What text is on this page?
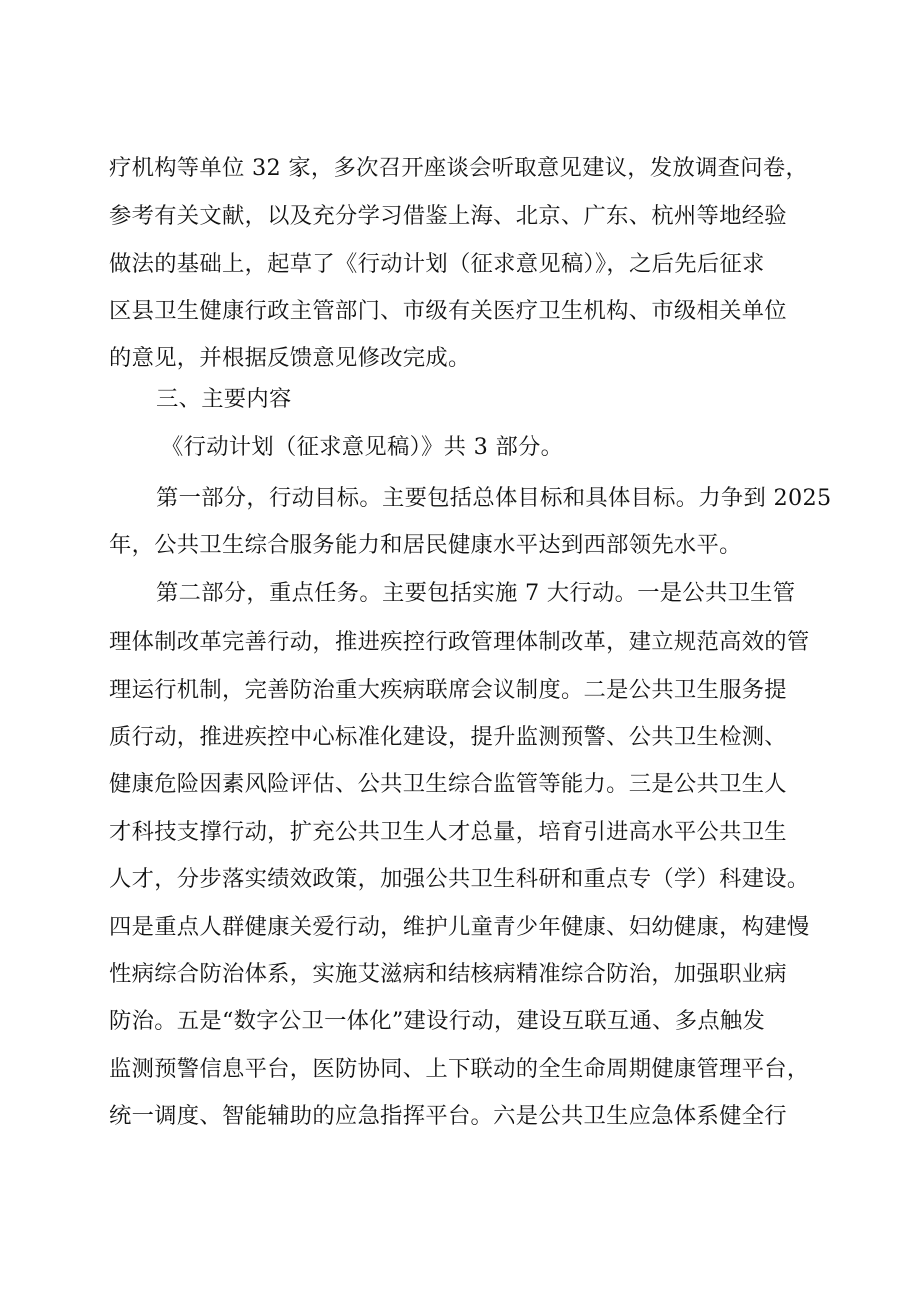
疗机构等单位 32 家，多次召开座谈会听取意见建议，发放调查问卷，
参考有关文献，以及充分学习借鉴上海、北京、广东、杭州等地经验
做法的基础上，起草了《行动计划（征求意见稿）》，之后先后征求
区县卫生健康行政主管部门、市级有关医疗卫生机构、市级相关单位
的意见，并根据反馈意见修改完成。
三、主要内容
《行动计划（征求意见稿）》共 3 部分。
第一部分，行动目标。主要包括总体目标和具体目标。力争到 2025
年，公共卫生综合服务能力和居民健康水平达到西部领先水平。
第二部分，重点任务。主要包括实施 7 大行动。一是公共卫生管
理体制改革完善行动，推进疾控行政管理体制改革，建立规范高效的管
理运行机制，完善防治重大疾病联席会议制度。二是公共卫生服务提
质行动，推进疾控中心标准化建设，提升监测预警、公共卫生检测、
健康危险因素风险评估、公共卫生综合监管等能力。三是公共卫生人
才科技支撑行动，扩充公共卫生人才总量，培育引进高水平公共卫生
人才，分步落实绩效政策，加强公共卫生科研和重点专（学）科建设。
四是重点人群健康关爱行动，维护儿童青少年健康、妇幼健康，构建慢
性病综合防治体系，实施艾滋病和结核病精准综合防治，加强职业病
防治。五是“数字公卫一体化”建设行动，建设互联互通、多点触发
监测预警信息平台，医防协同、上下联动的全生命周期健康管理平台，
统一调度、智能辅助的应急指挥平台。六是公共卫生应急体系健全行
